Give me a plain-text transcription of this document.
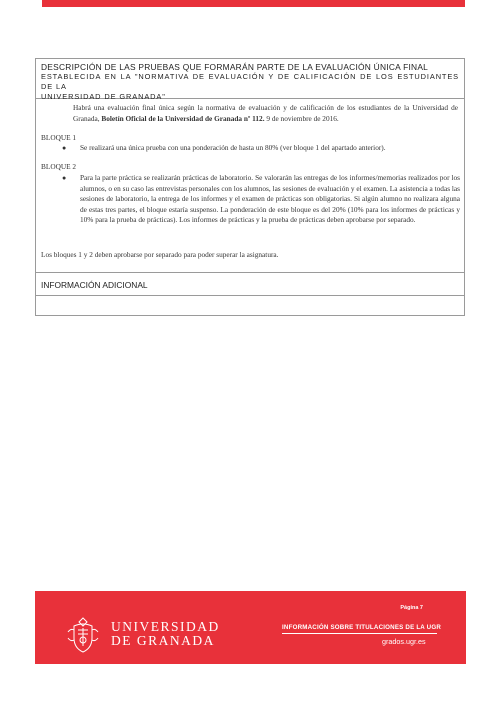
DESCRIPCIÓN DE LAS PRUEBAS QUE FORMARÁN PARTE DE LA EVALUACIÓN ÚNICA FINAL
ESTABLECIDA EN LA "NORMATIVA DE EVALUACIÓN Y DE CALIFICACIÓN DE LOS ESTUDIANTES DE LA
UNIVERSIDAD DE GRANADA"
Habrá una evaluación final única según la normativa de evaluación y de calificación de los estudiantes de la Universidad de Granada, Boletín Oficial de la Universidad de Granada nº 112. 9 de noviembre de 2016.
BLOQUE 1
● Se realizará una única prueba con una ponderación de hasta un 80% (ver bloque 1 del apartado anterior).
BLOQUE 2
● Para la parte práctica se realizarán prácticas de laboratorio. Se valorarán las entregas de los informes/memorias realizados por los alumnos, o en su caso las entrevistas personales con los alumnos, las sesiones de evaluación y el examen. La asistencia a todas las sesiones de laboratorio, la entrega de los informes y el examen de prácticas son obligatorias. Si algún alumno no realizara alguna de estas tres partes, el bloque estaría suspenso. La ponderación de este bloque es del 20% (10% para los informes de prácticas y 10% para la prueba de prácticas). Los informes de prácticas y la prueba de prácticas deben aprobarse por separado.
Los bloques 1 y 2 deben aprobarse por separado para poder superar la asignatura.
INFORMACIÓN ADICIONAL
UNIVERSIDAD
DE GRANADA
Página 7
INFORMACIÓN SOBRE TITULACIONES DE LA UGR
grados.ugr.es
